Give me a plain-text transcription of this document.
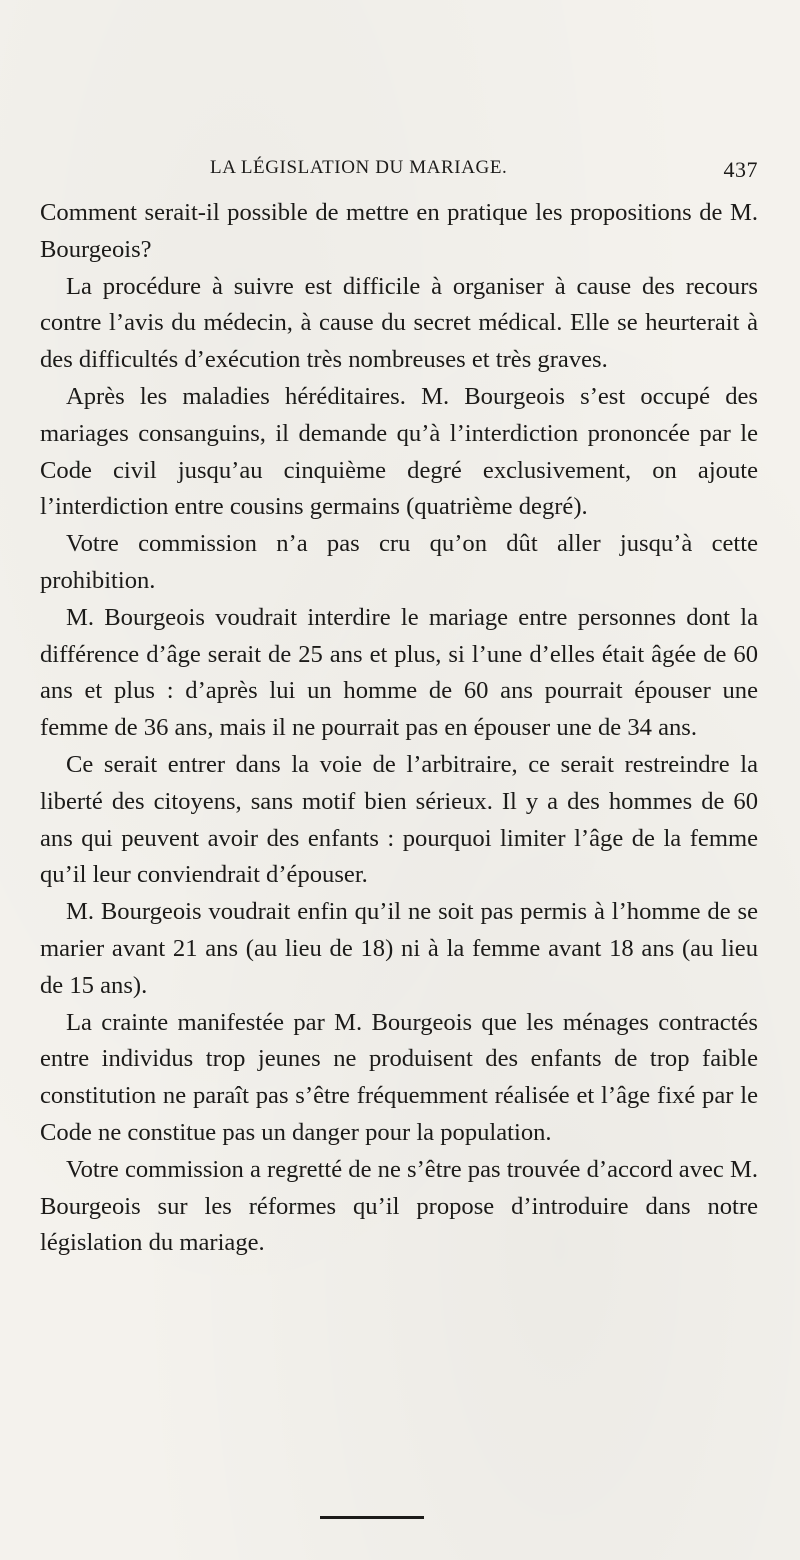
LA LÉGISLATION DU MARIAGE.	437

Comment serait-il possible de mettre en pratique les propositions de M. Bourgeois?

La procédure à suivre est difficile à organiser à cause des recours contre l’avis du médecin, à cause du secret médical. Elle se heurterait à des difficultés d’exécution très nombreuses et très graves.

Après les maladies héréditaires. M. Bourgeois s’est occupé des mariages consanguins, il demande qu’à l’interdiction prononcée par le Code civil jusqu’au cinquième degré exclusivement, on ajoute l’interdiction entre cousins germains (quatrième degré).

Votre commission n’a pas cru qu’on dût aller jusqu’à cette prohibition.

M. Bourgeois voudrait interdire le mariage entre personnes dont la différence d’âge serait de 25 ans et plus, si l’une d’elles était âgée de 60 ans et plus : d’après lui un homme de 60 ans pourrait épouser une femme de 36 ans, mais il ne pourrait pas en épouser une de 34 ans.

Ce serait entrer dans la voie de l’arbitraire, ce serait restreindre la liberté des citoyens, sans motif bien sérieux. Il y a des hommes de 60 ans qui peuvent avoir des enfants : pourquoi limiter l’âge de la femme qu’il leur conviendrait d’épouser.

M. Bourgeois voudrait enfin qu’il ne soit pas permis à l’homme de se marier avant 21 ans (au lieu de 18) ni à la femme avant 18 ans (au lieu de 15 ans).

La crainte manifestée par M. Bourgeois que les ménages contractés entre individus trop jeunes ne produisent des enfants de trop faible constitution ne paraît pas s’être fréquemment réalisée et l’âge fixé par le Code ne constitue pas un danger pour la population.

Votre commission a regretté de ne s’être pas trouvée d’accord avec M. Bourgeois sur les réformes qu’il propose d’introduire dans notre législation du mariage.
